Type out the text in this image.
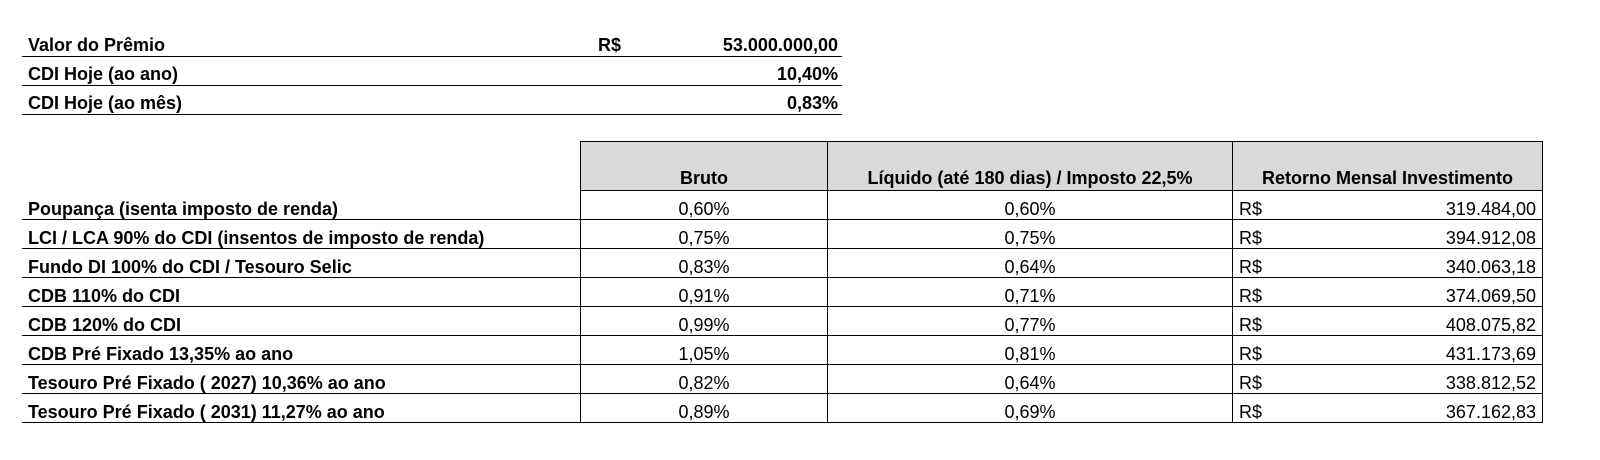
Valor do Prêmio	R$	53.000.000,00
CDI Hoje (ao ano)		10,40%
CDI Hoje (ao mês)		0,83%
	Bruto	Líquido (até 180 dias) / Imposto 22,5%	Retorno Mensal Investimento
Poupança (isenta imposto de renda)	0,60%	0,60%	R$ 319.484,00

LCI / LCA 90% do CDI (insentos de imposto de renda)	0,75%	0,75%	R$ 394.912,08

Fundo DI 100% do CDI / Tesouro Selic	0,83%	0,64%	R$ 340.063,18

CDB 110% do CDI	0,91%	0,71%	R$ 374.069,50

CDB 120% do CDI	0,99%	0,77%	R$ 408.075,82

CDB Pré Fixado 13,35% ao ano	1,05%	0,81%	R$ 431.173,69

Tesouro Pré Fixado ( 2027) 10,36% ao ano	0,82%	0,64%	R$ 338.812,52

Tesouro Pré Fixado ( 2031) 11,27% ao ano	0,89%	0,69%	R$ 367.162,83
